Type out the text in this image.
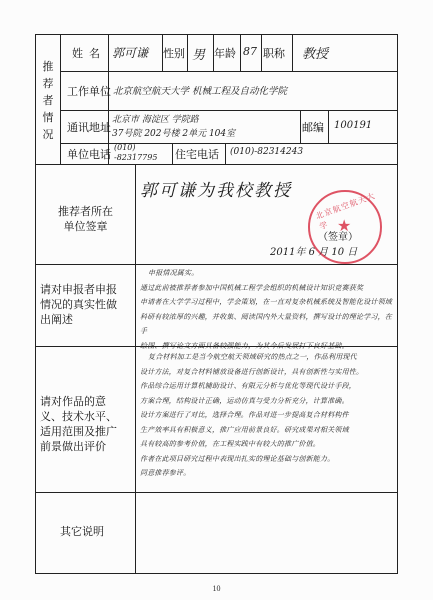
推
荐
者
情
况
姓名 郭可谦 性别 男 年龄 87 职称 教授
工作单位 北京航空航天大学 机械工程及自动化学院
通讯地址
北京市 海淀区 学院路
37号院 202号楼 2单元 104室	邮编 100191
单位电话
(010)
-82317795 住宅电话 (010)-82314243
推荐者所在
单位签章
郭可谦为我校教授
北京航空航天大学 ★
（签章）
2011年 6 月 10 日
请对申报者申报
情况的真实性做
出阐述
申报情况属实。
通过此前被推荐者参加中国机械工程学会组织的机械设计知识竞赛获奖
申请者在大学学习过程中，学会策划，在一直对复杂机械系统及智能化设计领域
科研有较浓厚的兴趣，并收集、阅读国内外大量资料，撰写设计的理论学习，在手
绘图、撰写论文方面具备较强能力，为其今后发展打下良好基础。
请对作品的意
义、技术水平、
适用范围及推广
前景做出评价
复合材料加工是当今航空航天领域研究的热点之一，作品利用现代
设计方法，对复合材料铺放设备进行创新设计，具有创新性与实用性。
作品综合运用计算机辅助设计、有限元分析与优化等现代设计手段，
方案合理，结构设计正确，运动仿真与受力分析充分，计算准确。
设计方案进行了对比，选择合理。作品对进一步提高复合材料构件
生产效率具有积极意义，推广应用前景良好。研究成果对相关领域
具有较高的参考价值，在工程实践中有较大的推广价值。
作者在此项目研究过程中表现出扎实的理论基础与创新能力。
同意推荐参评。
其它说明
10
